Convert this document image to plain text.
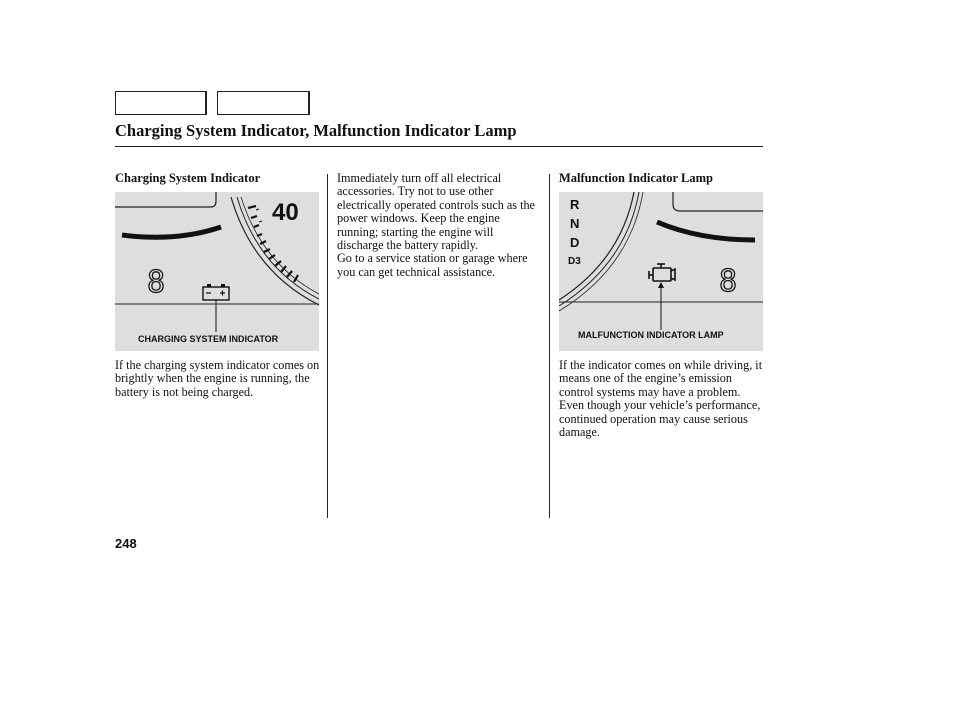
Charging System Indicator, Malfunction Indicator Lamp
Charging System Indicator
40
8
CHARGING SYSTEM INDICATOR

If the charging system indicator comes on brightly when the engine is running, the battery is not being charged.

Immediately turn off all electrical accessories. Try not to use other electrically operated controls such as the power windows. Keep the engine running; starting the engine will discharge the battery rapidly.

Go to a service station or garage where you can get technical assistance.

Malfunction Indicator Lamp
R
N
D
D3
8
MALFUNCTION INDICATOR LAMP

If the indicator comes on while driving, it means one of the engine’s emission control systems may have a problem. Even though your vehicle’s performance, continued operation may cause serious damage.

248
